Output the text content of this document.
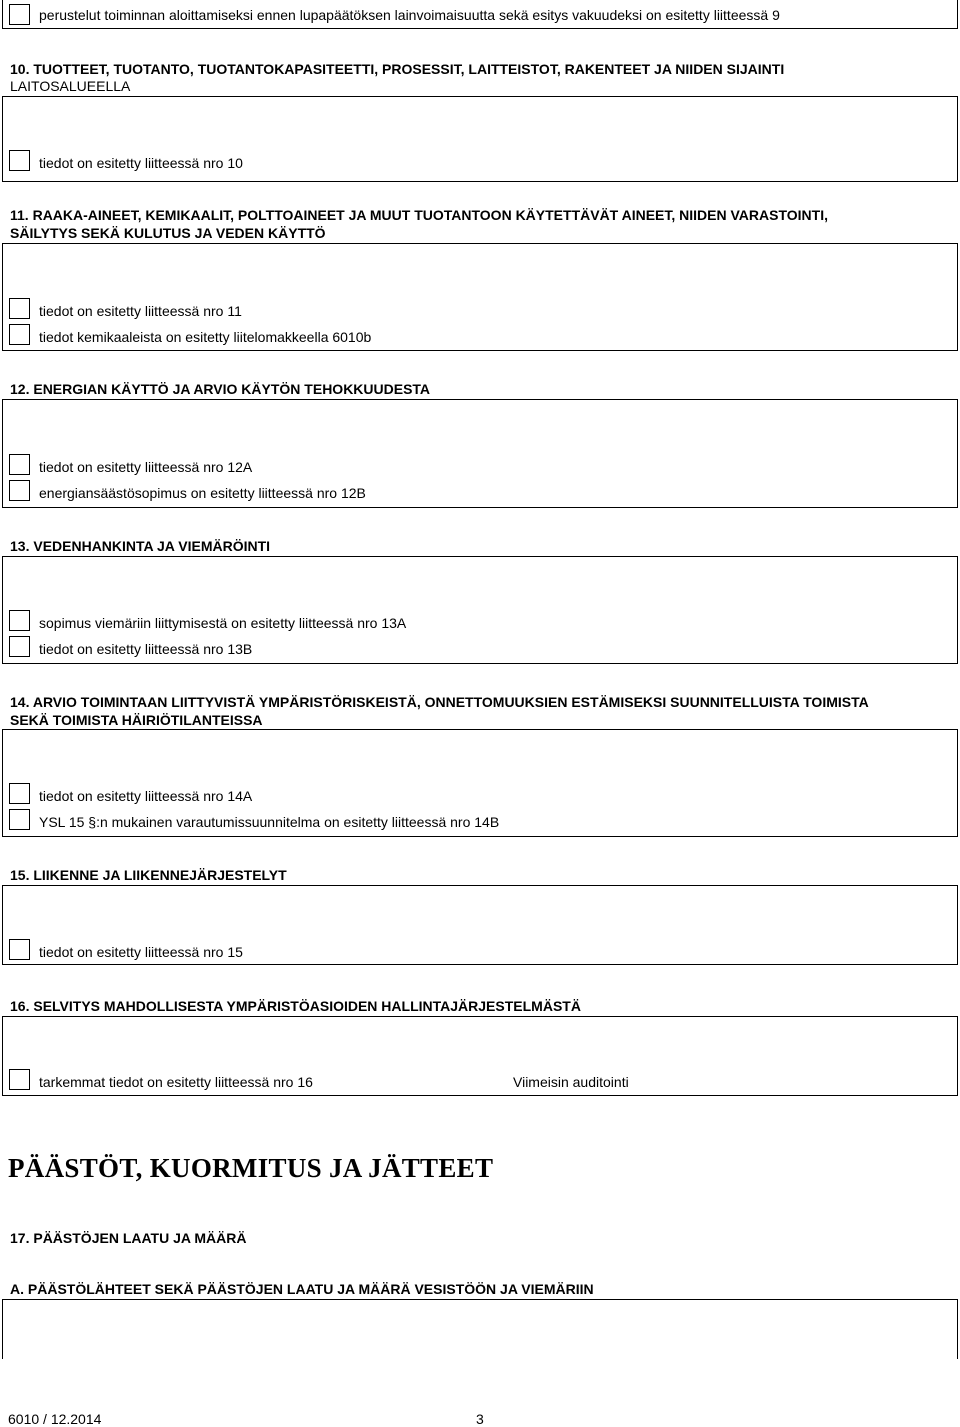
perustelut toiminnan aloittamiseksi ennen lupapäätöksen lainvoimaisuutta sekä esitys vakuudeksi on esitetty liitteessä 9
10. TUOTTEET, TUOTANTO, TUOTANTOKAPASITEETTI, PROSESSIT, LAITTEISTOT, RAKENTEET JA NIIDEN SIJAINTI
LAITOSALUEELLA
tiedot on esitetty liitteessä nro 10
11. RAAKA-AINEET, KEMIKAALIT, POLTTOAINEET JA MUUT TUOTANTOON KÄYTETTÄVÄT AINEET, NIIDEN VARASTOINTI,
SÄILYTYS SEKÄ KULUTUS JA VEDEN KÄYTTÖ
tiedot on esitetty liitteessä nro 11
tiedot kemikaaleista on esitetty liitelomakkeella 6010b
12. ENERGIAN KÄYTTÖ JA ARVIO KÄYTÖN TEHOKKUUDESTA
tiedot on esitetty liitteessä nro 12A
energiansäästösopimus on esitetty liitteessä nro 12B
13. VEDENHANKINTA JA VIEMÄRÖINTI
sopimus viemäriin liittymisestä on esitetty liitteessä nro 13A
tiedot on esitetty liitteessä nro 13B
14. ARVIO TOIMINTAAN LIITTYVISTÄ YMPÄRISTÖRISKEISTÄ, ONNETTOMUUKSIEN ESTÄMISEKSI SUUNNITELLUISTA TOIMISTA
SEKÄ TOIMISTA HÄIRIÖTILANTEISSA
tiedot on esitetty liitteessä nro 14A
YSL 15 §:n mukainen varautumissuunnitelma on esitetty liitteessä nro 14B
15. LIIKENNE JA LIIKENNEJÄRJESTELYT
tiedot on esitetty liitteessä nro 15
16. SELVITYS MAHDOLLISESTA YMPÄRISTÖASIOIDEN HALLINTAJÄRJESTELMÄSTÄ
tarkemmat tiedot on esitetty liitteessä nro 16	Viimeisin auditointi
PÄÄSTÖT, KUORMITUS JA JÄTTEET
17. PÄÄSTÖJEN LAATU JA MÄÄRÄ
A. PÄÄSTÖLÄHTEET SEKÄ PÄÄSTÖJEN LAATU JA MÄÄRÄ VESISTÖÖN JA VIEMÄRIIN
6010 / 12.2014	3
